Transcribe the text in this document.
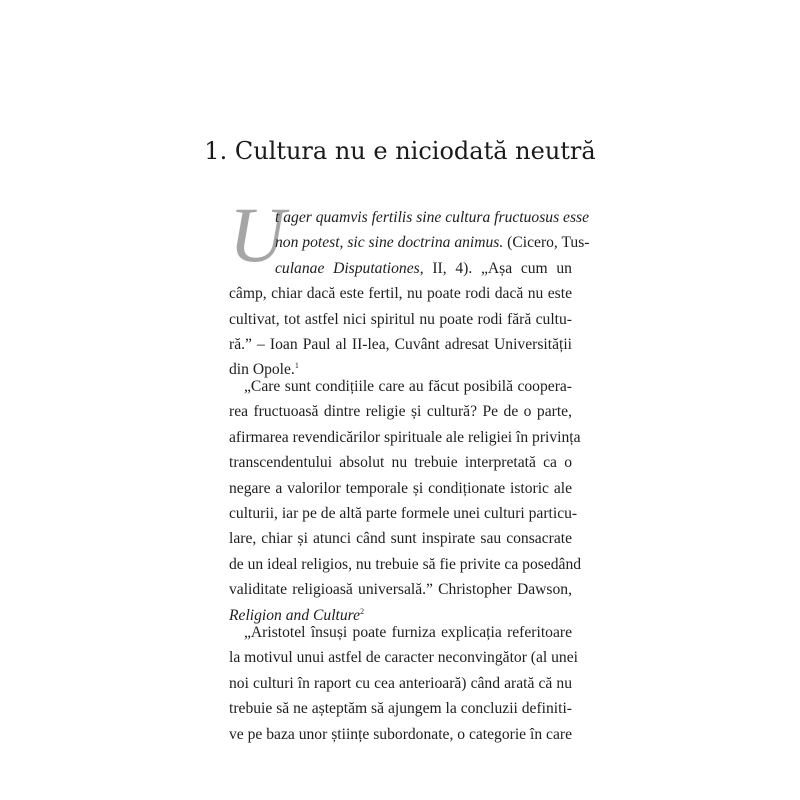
1. Cultura nu e niciodată neutră
U
t ager quamvis fertilis sine cultura fructuosus esse
non potest, sic sine doctrina animus. (Cicero, Tus-
culanae Disputationes, II, 4). „Așa cum un
câmp, chiar dacă este fertil, nu poate rodi dacă nu este
cultivat, tot astfel nici spiritul nu poate rodi fără cultu-
ră.” – Ioan Paul al II-lea, Cuvânt adresat Universității
din Opole.$^1$
„Care sunt condițiile care au făcut posibilă coopera-
rea fructuoasă dintre religie și cultură? Pe de o parte,
afirmarea revendicărilor spirituale ale religiei în privința
transcendentului absolut nu trebuie interpretată ca o
negare a valorilor temporale și condiționate istoric ale
culturii, iar pe de altă parte formele unei culturi particu-
lare, chiar și atunci când sunt inspirate sau consacrate
de un ideal religios, nu trebuie să fie privite ca posedând
validitate religioasă universală.” Christopher Dawson,
Religion and Culture$^2$
„Aristotel însuși poate furniza explicația referitoare
la motivul unui astfel de caracter neconvingător (al unei
noi culturi în raport cu cea anterioară) când arată că nu
trebuie să ne așteptăm să ajungem la concluzii definiti-
ve pe baza unor științe subordonate, o categorie în care
